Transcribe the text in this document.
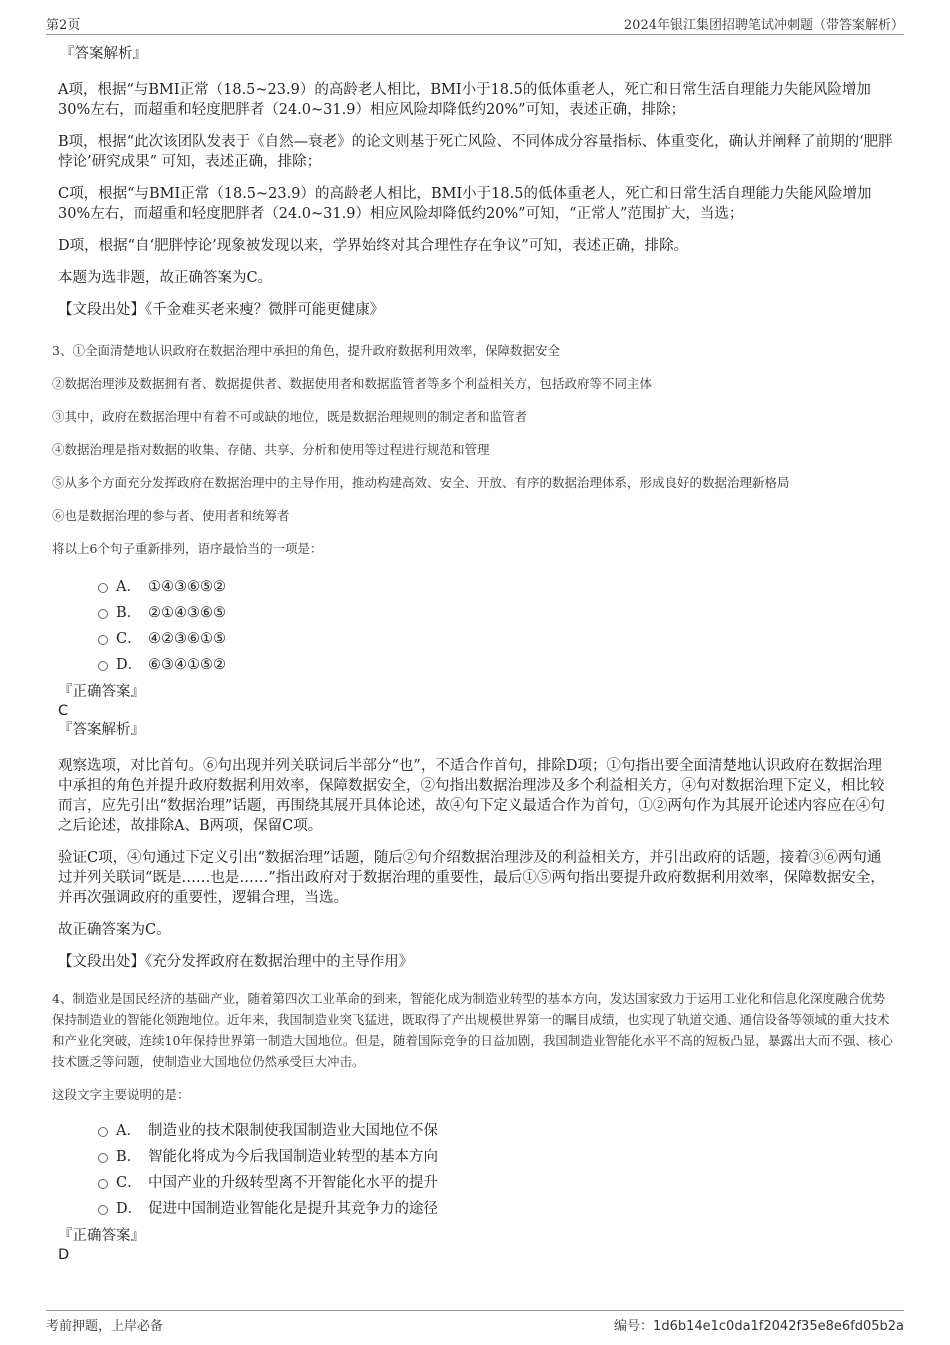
第2页	2024年银江集团招聘笔试冲刺题（带答案解析）

『答案解析』

A项，根据“与BMI正常（18.5~23.9）的高龄老人相比，BMI小于18.5的低体重老人，死亡和日常生活自理能力失能风险增加30%左右，而超重和轻度肥胖者（24.0~31.9）相应风险却降低约20%”可知，表述正确，排除；

B项，根据“此次该团队发表于《自然—衰老》的论文则基于死亡风险、不同体成分容量指标、体重变化，确认并阐释了前期的‘肥胖悖论’研究成果” 可知，表述正确，排除；

C项，根据“与BMI正常（18.5~23.9）的高龄老人相比，BMI小于18.5的低体重老人，死亡和日常生活自理能力失能风险增加30%左右，而超重和轻度肥胖者（24.0~31.9）相应风险却降低约20%”可知，“正常人”范围扩大，当选；

D项，根据“自‘肥胖悖论’现象被发现以来，学界始终对其合理性存在争议”可知，表述正确，排除。

本题为选非题，故正确答案为C。

【文段出处】《千金难买老来瘦？微胖可能更健康》

3、①全面清楚地认识政府在数据治理中承担的角色，提升政府数据利用效率，保障数据安全

②数据治理涉及数据拥有者、数据提供者、数据使用者和数据监管者等多个利益相关方，包括政府等不同主体

③其中，政府在数据治理中有着不可或缺的地位，既是数据治理规则的制定者和监管者

④数据治理是指对数据的收集、存储、共享、分析和使用等过程进行规范和管理

⑤从多个方面充分发挥政府在数据治理中的主导作用，推动构建高效、安全、开放、有序的数据治理体系，形成良好的数据治理新格局

⑥也是数据治理的参与者、使用者和统筹者

将以上6个句子重新排列，语序最恰当的一项是：

A． ①④③⑥⑤②
B． ②①④③⑥⑤
C． ④②③⑥①⑤
D． ⑥③④①⑤②

『正确答案』

C

『答案解析』

观察选项，对比首句。⑥句出现并列关联词后半部分“也”，不适合作首句，排除D项；①句指出要全面清楚地认识政府在数据治理中承担的角色并提升政府数据利用效率，保障数据安全，②句指出数据治理涉及多个利益相关方，④句对数据治理下定义，相比较而言，应先引出“数据治理”话题，再围绕其展开具体论述，故④句下定义最适合作为首句，①②两句作为其展开论述内容应在④句之后论述，故排除A、B两项，保留C项。

验证C项，④句通过下定义引出“数据治理”话题，随后②句介绍数据治理涉及的利益相关方，并引出政府的话题，接着③⑥两句通过并列关联词“既是……也是……”指出政府对于数据治理的重要性，最后①⑤两句指出要提升政府数据利用效率，保障数据安全，并再次强调政府的重要性，逻辑合理，当选。

故正确答案为C。

【文段出处】《充分发挥政府在数据治理中的主导作用》

4、制造业是国民经济的基础产业，随着第四次工业革命的到来，智能化成为制造业转型的基本方向，发达国家致力于运用工业化和信息化深度融合优势保持制造业的智能化领跑地位。近年来，我国制造业突飞猛进，既取得了产出规模世界第一的瞩目成绩，也实现了轨道交通、通信设备等领域的重大技术和产业化突破，连续10年保持世界第一制造大国地位。但是，随着国际竞争的日益加剧，我国制造业智能化水平不高的短板凸显，暴露出大而不强、核心技术匮乏等问题，使制造业大国地位仍然承受巨大冲击。

这段文字主要说明的是：

A． 制造业的技术限制使我国制造业大国地位不保
B． 智能化将成为今后我国制造业转型的基本方向
C． 中国产业的升级转型离不开智能化水平的提升
D． 促进中国制造业智能化是提升其竞争力的途径

『正确答案』

D

考前押题，上岸必备	编号：1d6b14e1c0da1f2042f35e8e6fd05b2a
